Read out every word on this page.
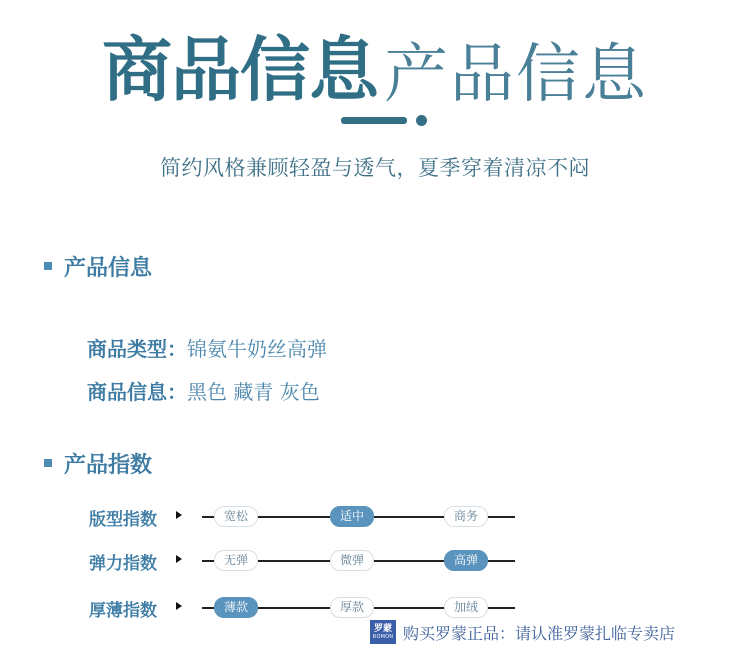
商品信息产品信息
简约风格兼顾轻盈与透气，夏季穿着清凉不闷
产品信息
商品类型：锦氨牛奶丝高弹
商品信息：黑色 藏青 灰色
产品指数
版型指数	宽松	适中	商务
弹力指数	无弹	微弹	高弹
厚薄指数	薄款	厚款	加绒
罗蒙
ROMON 购买罗蒙正品：请认准罗蒙扎临专卖店
